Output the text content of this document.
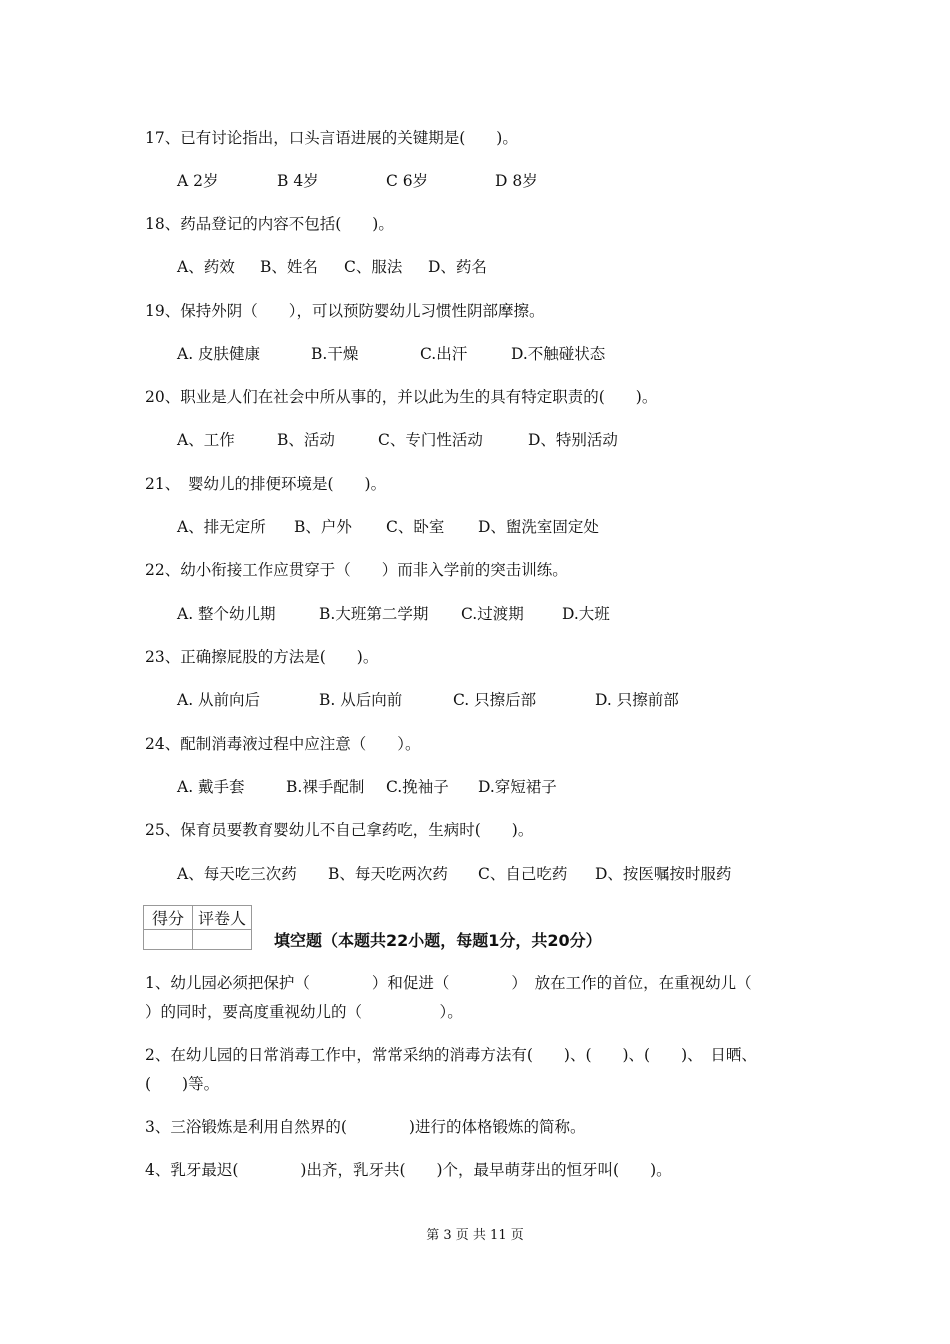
17、已有讨论指出，口头言语进展的关键期是(　　)。

A 2岁

	B 4岁

	C 6岁

	D 8岁

18、药品登记的内容不包括(　　)。

A、药效

B、姓名

C、服法

D、药名

19、保持外阴（　　），可以预防婴幼儿习惯性阴部摩擦。

A. 皮肤健康

	B.干燥

	C.出汗

	D.不触碰状态

20、职业是人们在社会中所从事的，并以此为生的具有特定职责的(　　)。

A、工作

	B、活动

	C、专门性活动

	D、特别活动

21、　婴幼儿的排便环境是(　　)。

A、排无定所

B、户外

C、卧室

D、盥洗室固定处

22、幼小衔接工作应贯穿于（　　）而非入学前的突击训练。

A. 整个幼儿期

	B.大班第二学期

C.过渡期

D.大班

23、正确擦屁股的方法是(　　)。

A. 从前向后

	B. 从后向前

	C. 只擦后部

	D. 只擦前部

24、配制消毒液过程中应注意（　　）。

A. 戴手套

	B.裸手配制

C.挽袖子

D.穿短裙子

25、保育员要教育婴幼儿不自己拿药吃，生病时(　　)。

A、每天吃三次药

B、每天吃两次药

C、自己吃药

D、按医嘱按时服药

得分	评卷人

填空题（本题共22小题，每题1分，共20分）
1、幼儿园必须把保护（　　　　）和促进（　　　　）　放在工作的首位，在重视幼儿（
）的同时，要高度重视幼儿的（　　　　　）。
2、在幼儿园的日常消毒工作中，常常采纳的消毒方法有(　　)、(　　)、(　　)、　日晒、
(　　)等。
3、三浴锻炼是利用自然界的(　　　　)进行的体格锻炼的简称。
4、乳牙最迟(　　　　)出齐，乳牙共(　　)个，最早萌芽出的恒牙叫(　　)。
第 3 页 共 11 页
